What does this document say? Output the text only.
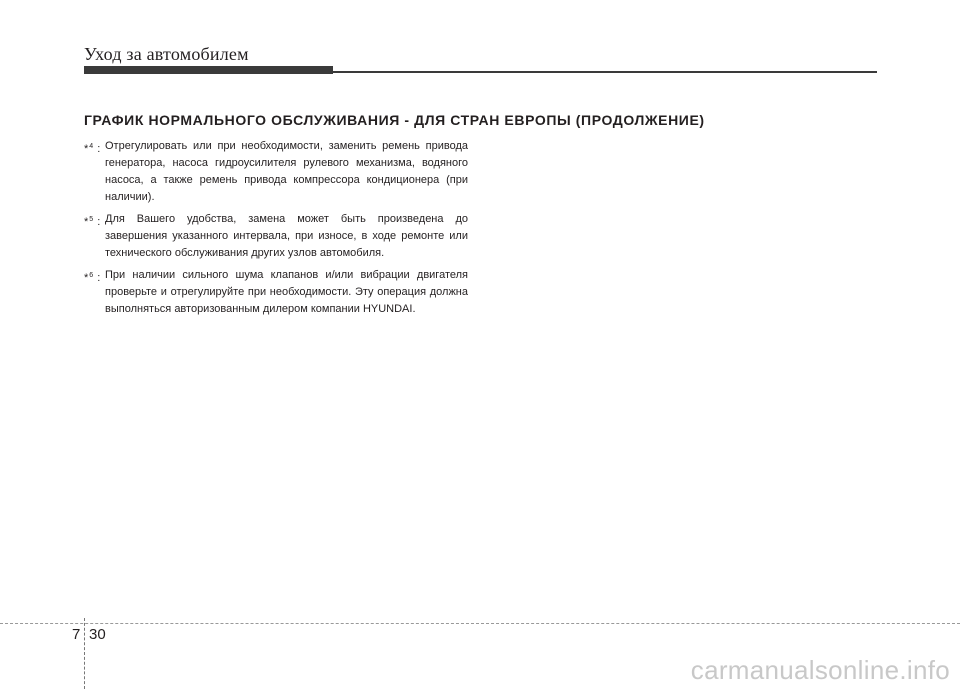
Уход за автомобилем
ГРАФИК НОРМАЛЬНОГО ОБСЛУЖИВАНИЯ - ДЛЯ СТРАН ЕВРОПЫ (ПРОДОЛЖЕНИЕ)
*$^4$ : Отрегулировать или при необходимости, заменить ремень привода генератора, насоса гидроусилителя рулевого механизма, водяного насоса, а также ремень привода компрессора кондиционера (при наличии).
*$^5$ : Для Вашего удобства, замена может быть произведена до завершения указанного интервала, при износе, в ходе ремонте или технического обслуживания других узлов автомобиля.
*$^6$ : При наличии сильного шума клапанов и/или вибрации двигателя проверьте и отрегулируйте при необходимости. Эту операция должна выполняться авторизованным дилером компании HYUNDAI.
7 30
carmanualsonline.info
